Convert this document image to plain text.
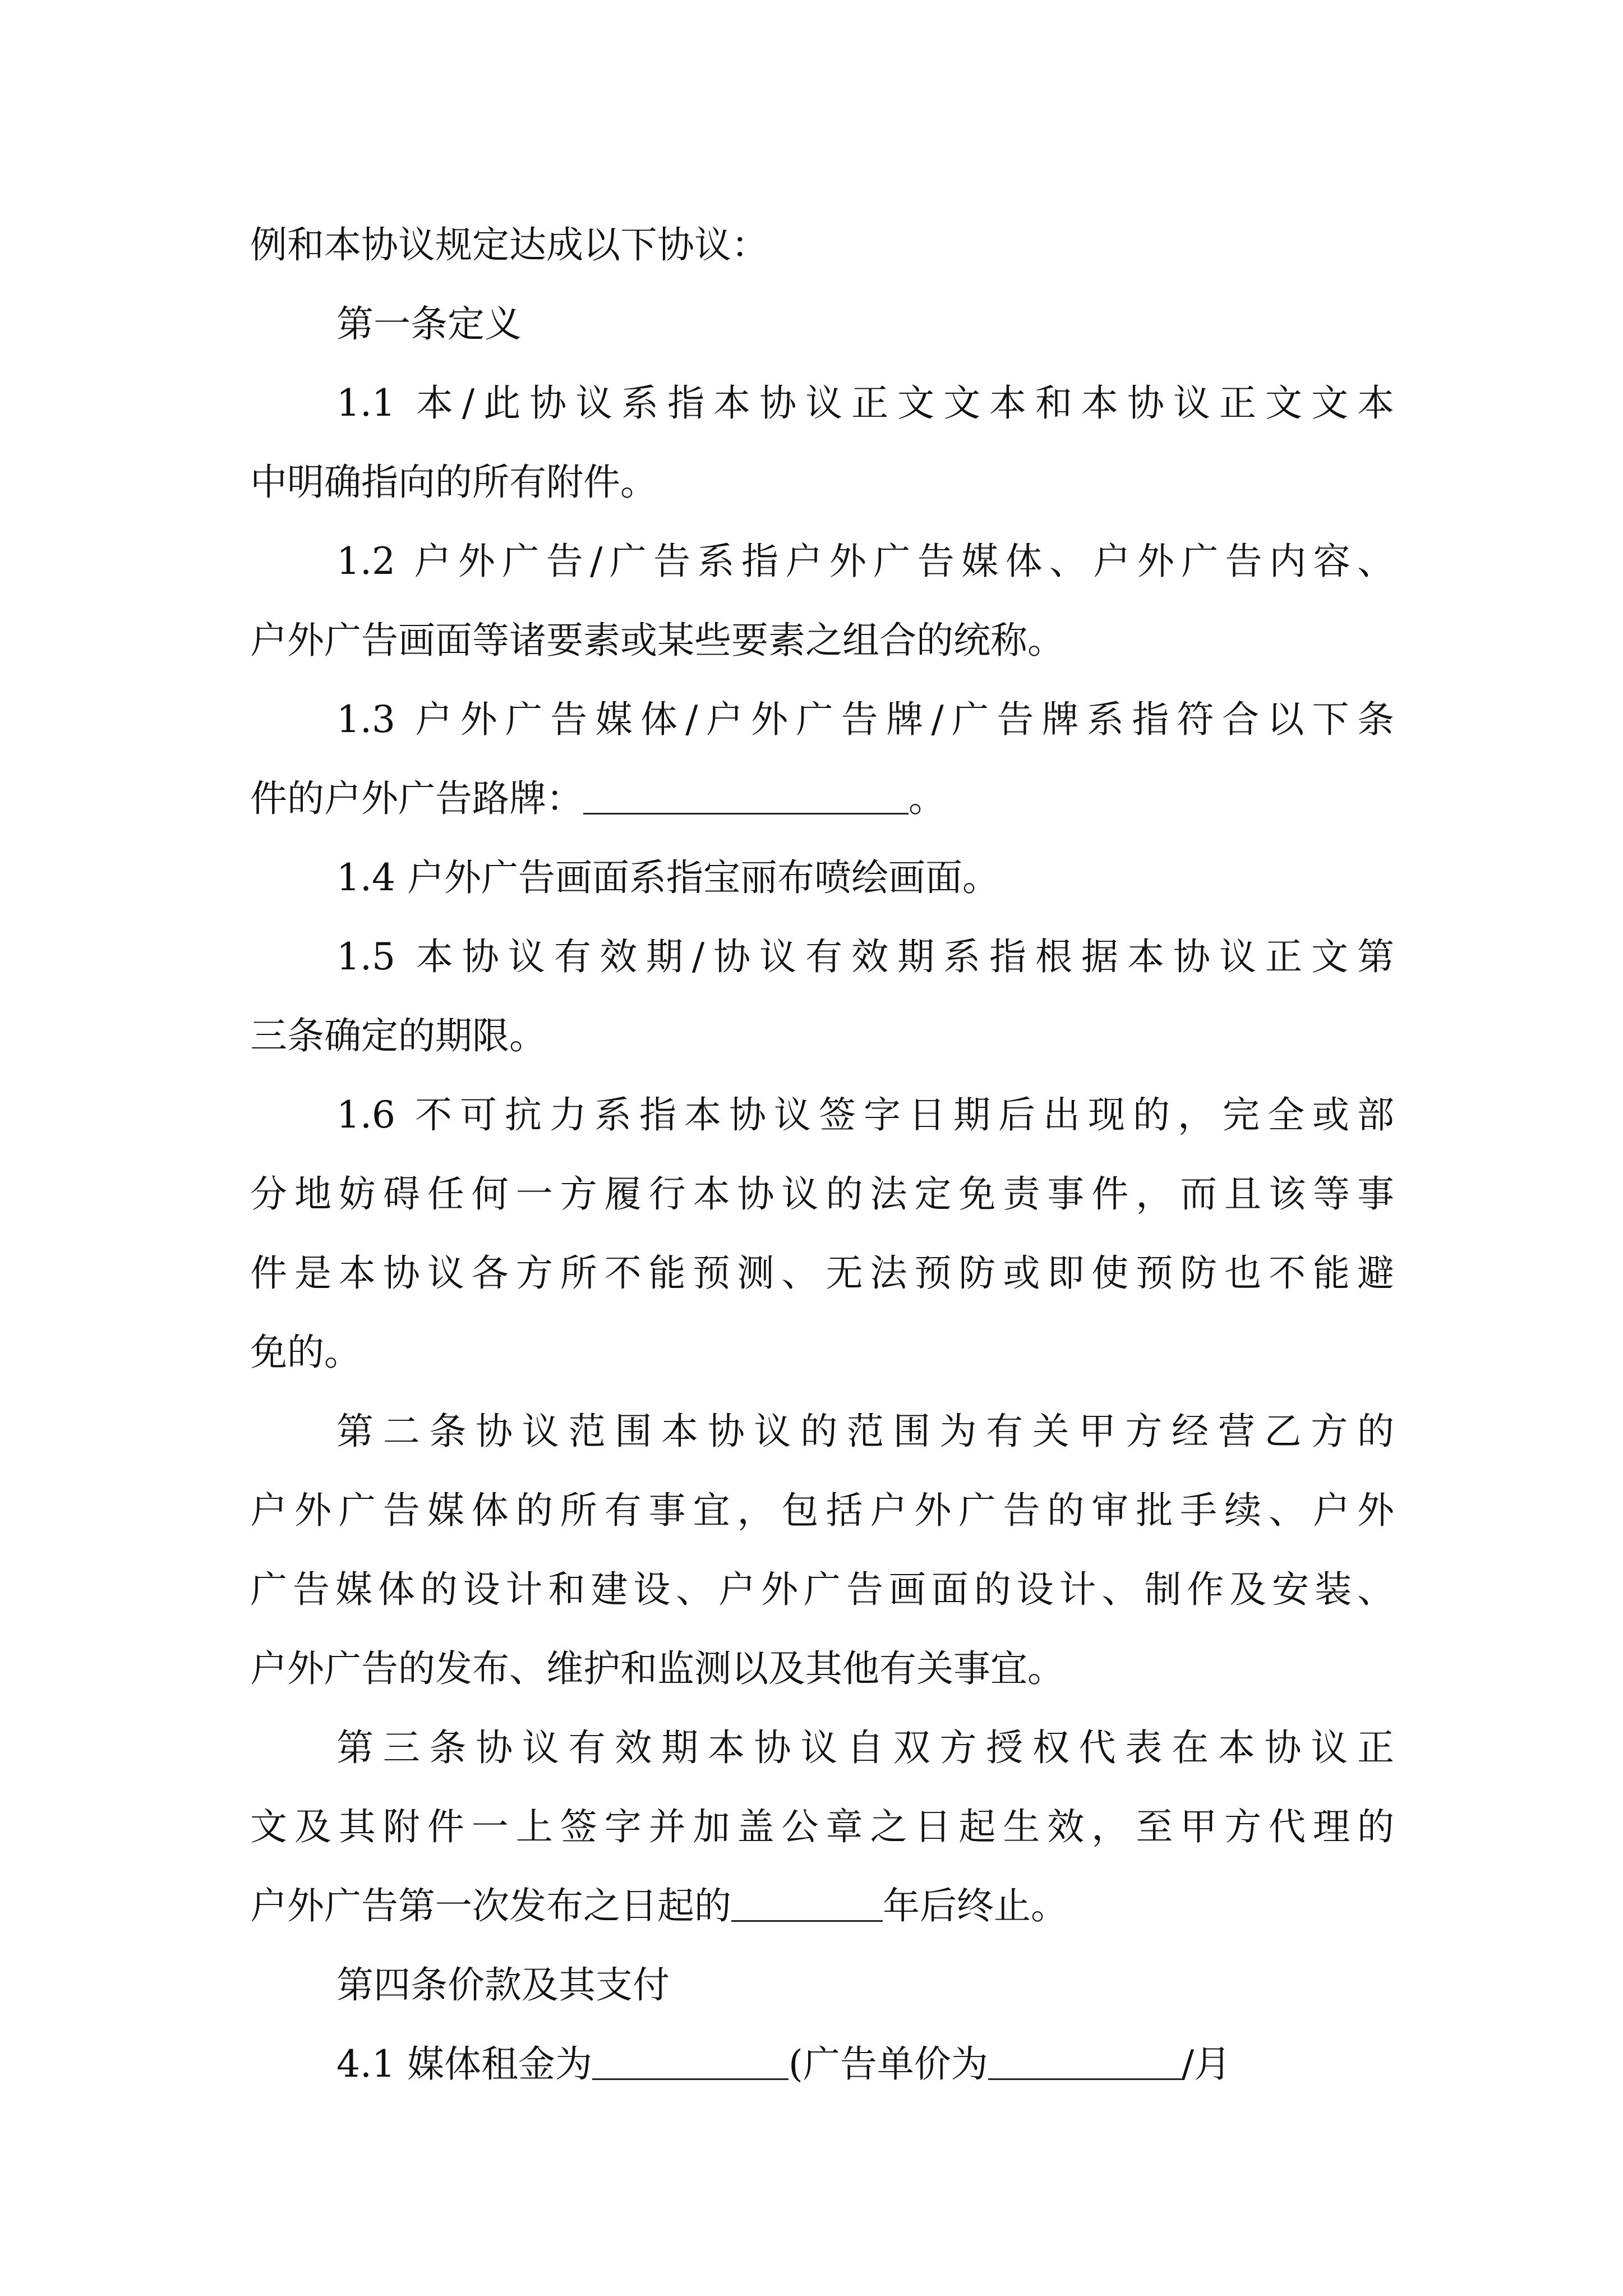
例和本协议规定达成以下协议：
第一条定义
1.1 本/此协议系指本协议正文文本和本协议正文文本
中明确指向的所有附件。
1.2 户外广告/广告系指户外广告媒体、户外广告内容、
户外广告画面等诸要素或某些要素之组合的统称。
1.3 户外广告媒体/户外广告牌/广告牌系指符合以下条
件的户外广告路牌：	。
1.4 户外广告画面系指宝丽布喷绘画面。
1.5 本协议有效期/协议有效期系指根据本协议正文第
三条确定的期限。
1.6 不可抗力系指本协议签字日期后出现的，完全或部
分地妨碍任何一方履行本协议的法定免责事件，而且该等事
件是本协议各方所不能预测、无法预防或即使预防也不能避
免的。
第二条协议范围本协议的范围为有关甲方经营乙方的
户外广告媒体的所有事宜，包括户外广告的审批手续、户外
广告媒体的设计和建设、户外广告画面的设计、制作及安装、
户外广告的发布、维护和监测以及其他有关事宜。
第三条协议有效期本协议自双方授权代表在本协议正
文及其附件一上签字并加盖公章之日起生效，至甲方代理的
户外广告第一次发布之日起的	年后终止。
第四条价款及其支付
4.1 媒体租金为	(广告单价为	/月
